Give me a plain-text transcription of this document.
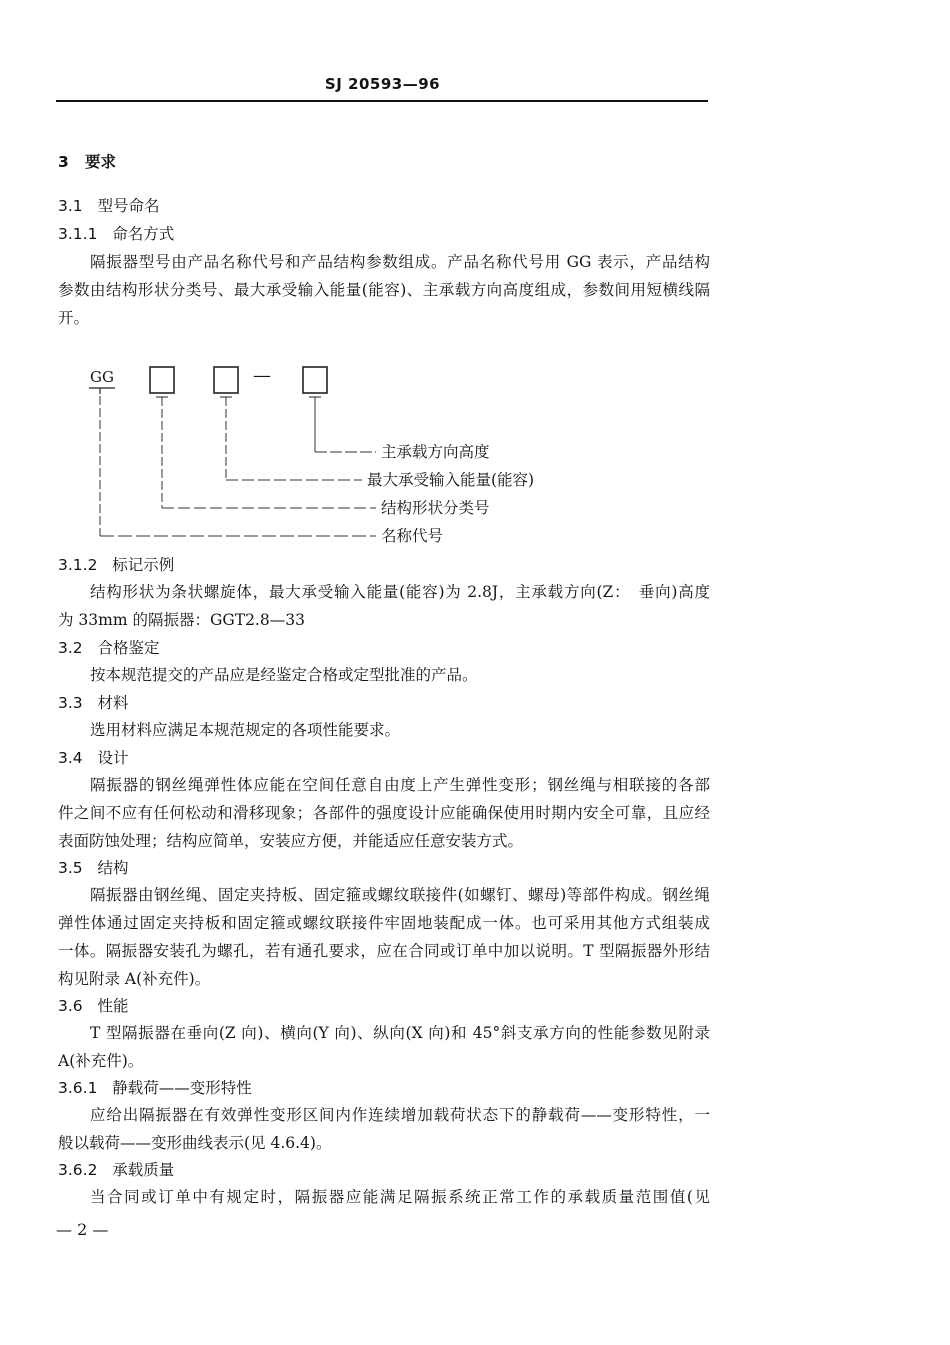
SJ 20593—96
3 要求
3.1 型号命名
3.1.1 命名方式
隔振器型号由产品名称代号和产品结构参数组成。产品名称代号用 GG 表示，产品结构
参数由结构形状分类号、最大承受输入能量(能容)、主承载方向高度组成，参数间用短横线隔
开。
GG	—
主承载方向高度
最大承受输入能量(能容)
结构形状分类号
名称代号
3.1.2 标记示例
结构形状为条状螺旋体，最大承受输入能量(能容)为 2.8J，主承载方向(Z：　垂向)高度
为 33mm 的隔振器：GGT2.8—33
3.2 合格鉴定
按本规范提交的产品应是经鉴定合格或定型批准的产品。
3.3 材料
选用材料应满足本规范规定的各项性能要求。
3.4 设计
隔振器的钢丝绳弹性体应能在空间任意自由度上产生弹性变形；钢丝绳与相联接的各部
件之间不应有任何松动和滑移现象；各部件的强度设计应能确保使用时期内安全可靠，且应经
表面防蚀处理；结构应简单，安装应方便，并能适应任意安装方式。
3.5 结构
隔振器由钢丝绳、固定夹持板、固定箍或螺纹联接件(如螺钉、螺母)等部件构成。钢丝绳
弹性体通过固定夹持板和固定箍或螺纹联接件牢固地装配成一体。也可采用其他方式组装成
一体。隔振器安装孔为螺孔，若有通孔要求，应在合同或订单中加以说明。T 型隔振器外形结
构见附录 A(补充件)。
3.6 性能
T 型隔振器在垂向(Z 向)、横向(Y 向)、纵向(X 向)和 45°斜支承方向的性能参数见附录
A(补充件)。
3.6.1 静载荷——变形特性
应给出隔振器在有效弹性变形区间内作连续增加载荷状态下的静载荷——变形特性，一
般以载荷——变形曲线表示(见 4.6.4)。
3.6.2 承载质量
当合同或订单中有规定时，隔振器应能满足隔振系统正常工作的承载质量范围值(见
— 2 —
